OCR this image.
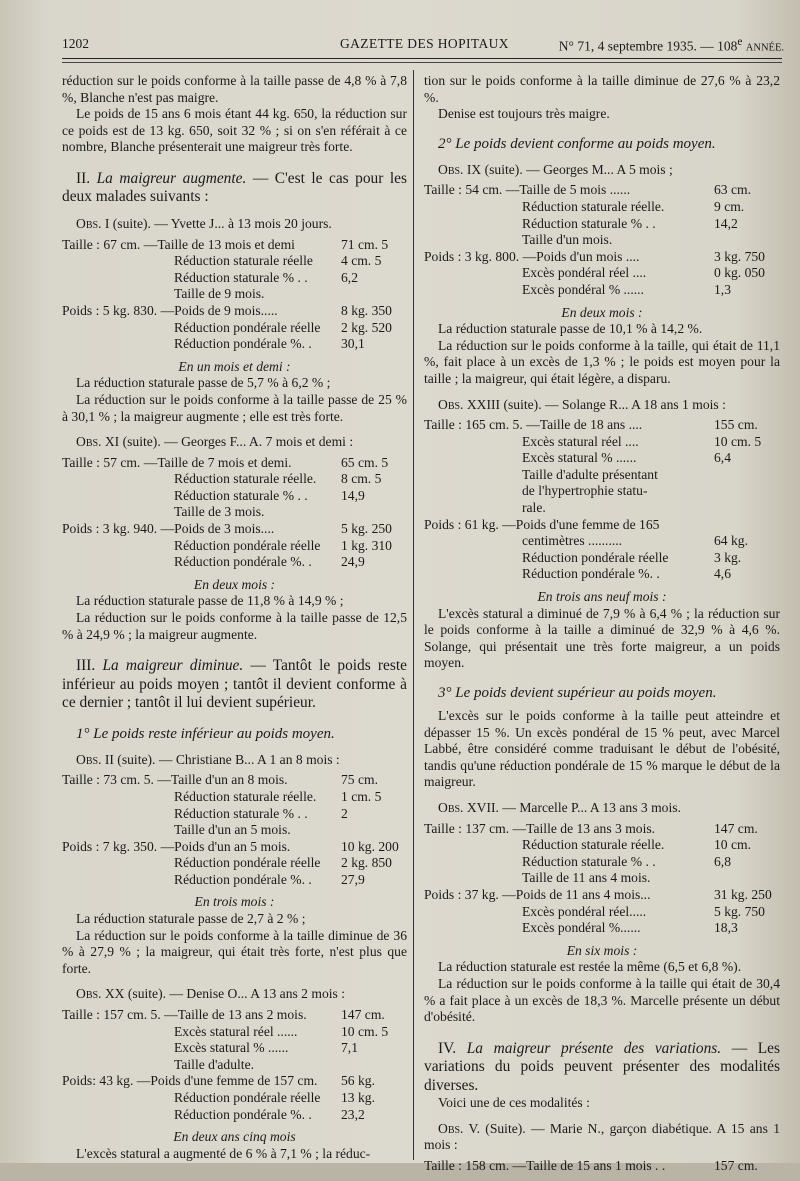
1202	GAZETTE DES HOPITAUX	N° 71, 4 septembre 1935. — 108e ANNÉE.

réduction sur le poids conforme à la taille passe de 4,8 % à 7,8 %, Blanche n'est pas maigre.

Le poids de 15 ans 6 mois étant 44 kg. 650, la réduction sur ce poids est de 13 kg. 650, soit 32 % ; si on s'en référait à ce nombre, Blanche présenterait une maigreur très forte.

II. La maigreur augmente. — C'est le cas pour les deux malades suivants :

Obs. I (suite). — Yvette J... à 13 mois 20 jours.

Taille : 67 cm. — Taille de 13 mois et demi	71 cm. 5
Réduction staturale réelle	4 cm. 5
Réduction staturale % . .	6,2
Taille de 9 mois.
Poids : 5 kg. 830. — Poids de 9 mois.....	8 kg. 350
Réduction pondérale réelle	2 kg. 520
Réduction pondérale %. .	30,1

En un mois et demi :

La réduction staturale passe de 5,7 % à 6,2 % ;

La réduction sur le poids conforme à la taille passe de 25 % à 30,1 % ; la maigreur augmente ; elle est très forte.

Obs. XI (suite). — Georges F... A. 7 mois et demi :

Taille : 57 cm. — Taille de 7 mois et demi.	65 cm. 5
Réduction staturale réelle.	8 cm. 5
Réduction staturale % . .	14,9
Taille de 3 mois.
Poids : 3 kg. 940. — Poids de 3 mois....	5 kg. 250
Réduction pondérale réelle	1 kg. 310
Réduction pondérale %. .	24,9

En deux mois :

La réduction staturale passe de 11,8 % à 14,9 % ;

La réduction sur le poids conforme à la taille passe de 12,5 % à 24,9 % ; la maigreur augmente.

III. La maigreur diminue. — Tantôt le poids reste inférieur au poids moyen ; tantôt il devient conforme à ce dernier ; tantôt il lui devient supérieur.

1° Le poids reste inférieur au poids moyen.

Obs. II (suite). — Christiane B... A 1 an 8 mois :

Taille : 73 cm. 5. — Taille d'un an 8 mois.	75 cm.
Réduction staturale réelle.	1 cm. 5
Réduction staturale % . .	2
Taille d'un an 5 mois.
Poids : 7 kg. 350. — Poids d'un an 5 mois.	10 kg. 200
Réduction pondérale réelle	2 kg. 850
Réduction pondérale %. .	27,9

En trois mois :

La réduction staturale passe de 2,7 à 2 % ;

La réduction sur le poids conforme à la taille diminue de 36 % à 27,9 % ; la maigreur, qui était très forte, n'est plus que forte.

Obs. XX (suite). — Denise O... A 13 ans 2 mois :

Taille : 157 cm. 5. — Taille de 13 ans 2 mois.	147 cm.
Excès statural réel ......	10 cm. 5
Excès statural % ......	7,1
Taille d'adulte.
Poids: 43 kg. — Poids d'une femme de 157 cm.	56 kg.
Réduction pondérale réelle	13 kg.
Réduction pondérale %. .	23,2

En deux ans cinq mois

L'excès statural a augmenté de 6 % à 7,1 % ; la réduc-

tion sur le poids conforme à la taille diminue de 27,6 % à 23,2 %.

Denise est toujours très maigre.

2° Le poids devient conforme au poids moyen.

Obs. IX (suite). — Georges M... A 5 mois ;

Taille : 54 cm. — Taille de 5 mois ......	63 cm.
Réduction staturale réelle.	9 cm.
Réduction staturale % . .	14,2
Taille d'un mois.
Poids : 3 kg. 800. — Poids d'un mois ....	3 kg. 750
Excès pondéral réel ....	0 kg. 050
Excès pondéral % ......	1,3

En deux mois :

La réduction staturale passe de 10,1 % à 14,2 %.

La réduction sur le poids conforme à la taille, qui était de 11,1 %, fait place à un excès de 1,3 % ; le poids est moyen pour la taille ; la maigreur, qui était légère, a disparu.

Obs. XXIII (suite). — Solange R... A 18 ans 1 mois :

Taille : 165 cm. 5. — Taille de 18 ans ....	155 cm.
Excès statural réel ....	10 cm. 5
Excès statural % ......	6,4
Taille d'adulte présentant
de l'hypertrophie statu-
rale.
Poids : 61 kg. — Poids d'une femme de 165
centimètres ..........	64 kg.
Réduction pondérale réelle	3 kg.
Réduction pondérale %. .	4,6

En trois ans neuf mois :

L'excès statural a diminué de 7,9 % à 6,4 % ; la réduction sur le poids conforme à la taille a diminué de 32,9 % à 4,6 %. Solange, qui présentait une très forte maigreur, a un poids moyen.

3° Le poids devient supérieur au poids moyen.

L'excès sur le poids conforme à la taille peut atteindre et dépasser 15 %. Un excès pondéral de 15 % peut, avec Marcel Labbé, être considéré comme traduisant le début de l'obésité, tandis qu'une réduction pondérale de 15 % marque le début de la maigreur.

Obs. XVII. — Marcelle P... A 13 ans 3 mois.

Taille : 137 cm. — Taille de 13 ans 3 mois.	147 cm.
Réduction staturale réelle.	10 cm.
Réduction staturale % . .	6,8
Taille de 11 ans 4 mois.
Poids : 37 kg. — Poids de 11 ans 4 mois...	31 kg. 250
Excès pondéral réel.....	5 kg. 750
Excès pondéral %......	18,3

En six mois :

La réduction staturale est restée la même (6,5 et 6,8 %).

La réduction sur le poids conforme à la taille qui était de 30,4 % a fait place à un excès de 18,3 %. Marcelle présente un début d'obésité.

IV. La maigreur présente des variations. — Les variations du poids peuvent présenter des modalités diverses.

Voici une de ces modalités :

Obs. V. (Suite). — Marie N., garçon diabétique. A 15 ans 1 mois :

Taille : 158 cm. — Taille de 15 ans 1 mois . .	157 cm.
